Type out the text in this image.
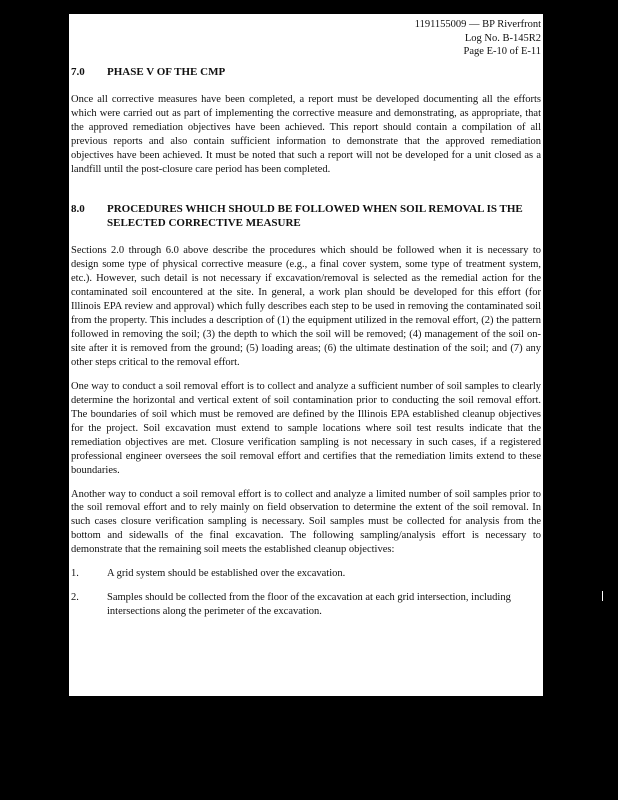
1191155009 — BP Riverfront
Log No. B-145R2
Page E-10 of E-11
7.0	PHASE V OF THE CMP

Once all corrective measures have been completed, a report must be developed documenting all the efforts which were carried out as part of implementing the corrective measure and demonstrating, as appropriate, that the approved remediation objectives have been achieved. This report should contain a compilation of all previous reports and also contain sufficient information to demonstrate that the approved remediation objectives have been achieved. It must be noted that such a report will not be developed for a unit closed as a landfill until the post-closure care period has been completed.

8.0	PROCEDURES WHICH SHOULD BE FOLLOWED WHEN SOIL REMOVAL IS THE SELECTED CORRECTIVE MEASURE

Sections 2.0 through 6.0 above describe the procedures which should be followed when it is necessary to design some type of physical corrective measure (e.g., a final cover system, some type of treatment system, etc.). However, such detail is not necessary if excavation/removal is selected as the remedial action for the contaminated soil encountered at the site. In general, a work plan should be developed for this effort (for Illinois EPA review and approval) which fully describes each step to be used in removing the contaminated soil from the property. This includes a description of (1) the equipment utilized in the removal effort, (2) the pattern followed in removing the soil; (3) the depth to which the soil will be removed; (4) management of the soil on-site after it is removed from the ground; (5) loading areas; (6) the ultimate destination of the soil; and (7) any other steps critical to the removal effort.

One way to conduct a soil removal effort is to collect and analyze a sufficient number of soil samples to clearly determine the horizontal and vertical extent of soil contamination prior to conducting the soil removal effort. The boundaries of soil which must be removed are defined by the Illinois EPA established cleanup objectives for the project. Soil excavation must extend to sample locations where soil test results indicate that the remediation objectives are met. Closure verification sampling is not necessary in such cases, if a registered professional engineer oversees the soil removal effort and certifies that the remediation limits extend to these boundaries.

Another way to conduct a soil removal effort is to collect and analyze a limited number of soil samples prior to the soil removal effort and to rely mainly on field observation to determine the extent of the soil removal. In such cases closure verification sampling is necessary. Soil samples must be collected for analysis from the bottom and sidewalls of the final excavation. The following sampling/analysis effort is necessary to demonstrate that the remaining soil meets the established cleanup objectives:

1.	A grid system should be established over the excavation.
2.	Samples should be collected from the floor of the excavation at each grid intersection, including intersections along the perimeter of the excavation.
